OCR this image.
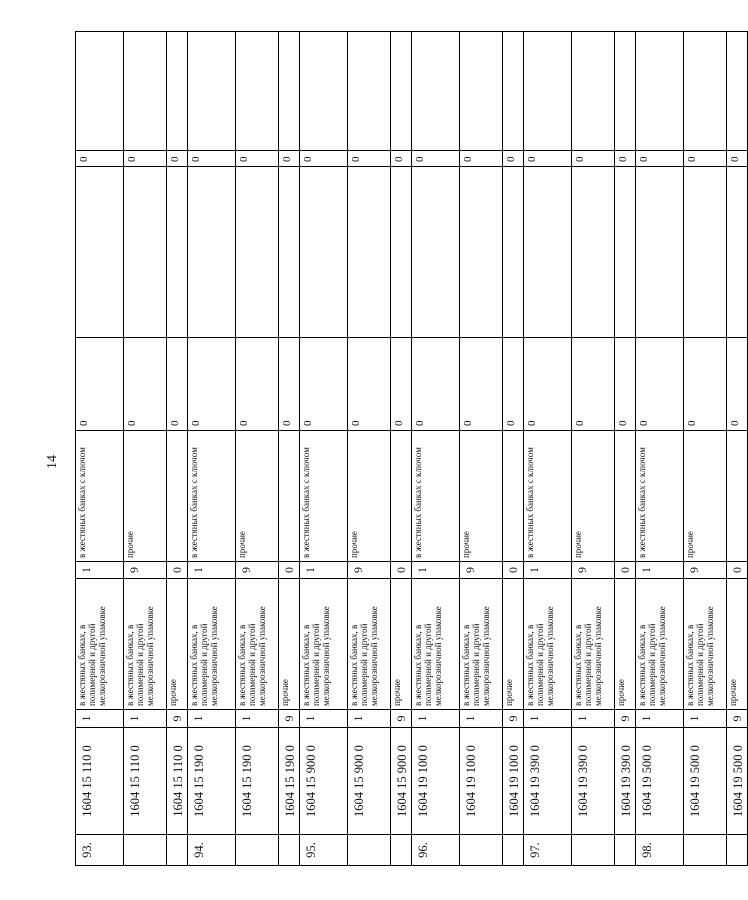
14
93.	1604 15 110 0	1	в жестяных банках, в полимерной и другой мелкорозничной упаковке	1	в жестяных банках с ключом	0		0	
	1604 15 110 0	1	в жестяных банках, в полимерной и другой мелкорозничной упаковке	9	прочие	0		0	
	1604 15 110 0	9	прочие	0		0		0	
94.	1604 15 190 0	1	в жестяных банках, в полимерной и другой мелкорозничной упаковке	1	в жестяных банках с ключом	0		0	
	1604 15 190 0	1	в жестяных банках, в полимерной и другой мелкорозничной упаковке	9	прочие	0		0	
	1604 15 190 0	9	прочие	0		0		0	
95.	1604 15 900 0	1	в жестяных банках, в полимерной и другой мелкорозничной упаковке	1	в жестяных банках с ключом	0		0	
	1604 15 900 0	1	в жестяных банках, в полимерной и другой мелкорозничной упаковке	9	прочие	0		0	
	1604 15 900 0	9	прочие	0		0		0	
96.	1604 19 100 0	1	в жестяных банках, в полимерной и другой мелкорозничной упаковке	1	в жестяных банках с ключом	0		0	
	1604 19 100 0	1	в жестяных банках, в полимерной и другой мелкорозничной упаковке	9	прочие	0		0	
	1604 19 100 0	9	прочие	0		0		0	
97.	1604 19 390 0	1	в жестяных банках, в полимерной и другой мелкорозничной упаковке	1	в жестяных банках с ключом	0		0	
	1604 19 390 0	1	в жестяных банках, в полимерной и другой мелкорозничной упаковке	9	прочие	0		0	
	1604 19 390 0	9	прочие	0		0		0	
98.	1604 19 500 0	1	в жестяных банках, в полимерной и другой мелкорозничной упаковке	1	в жестяных банках с ключом	0		0	
	1604 19 500 0	1	в жестяных банках, в полимерной и другой мелкорозничной упаковке	9	прочие	0		0	
	1604 19 500 0	9	прочие	0		0		0	
